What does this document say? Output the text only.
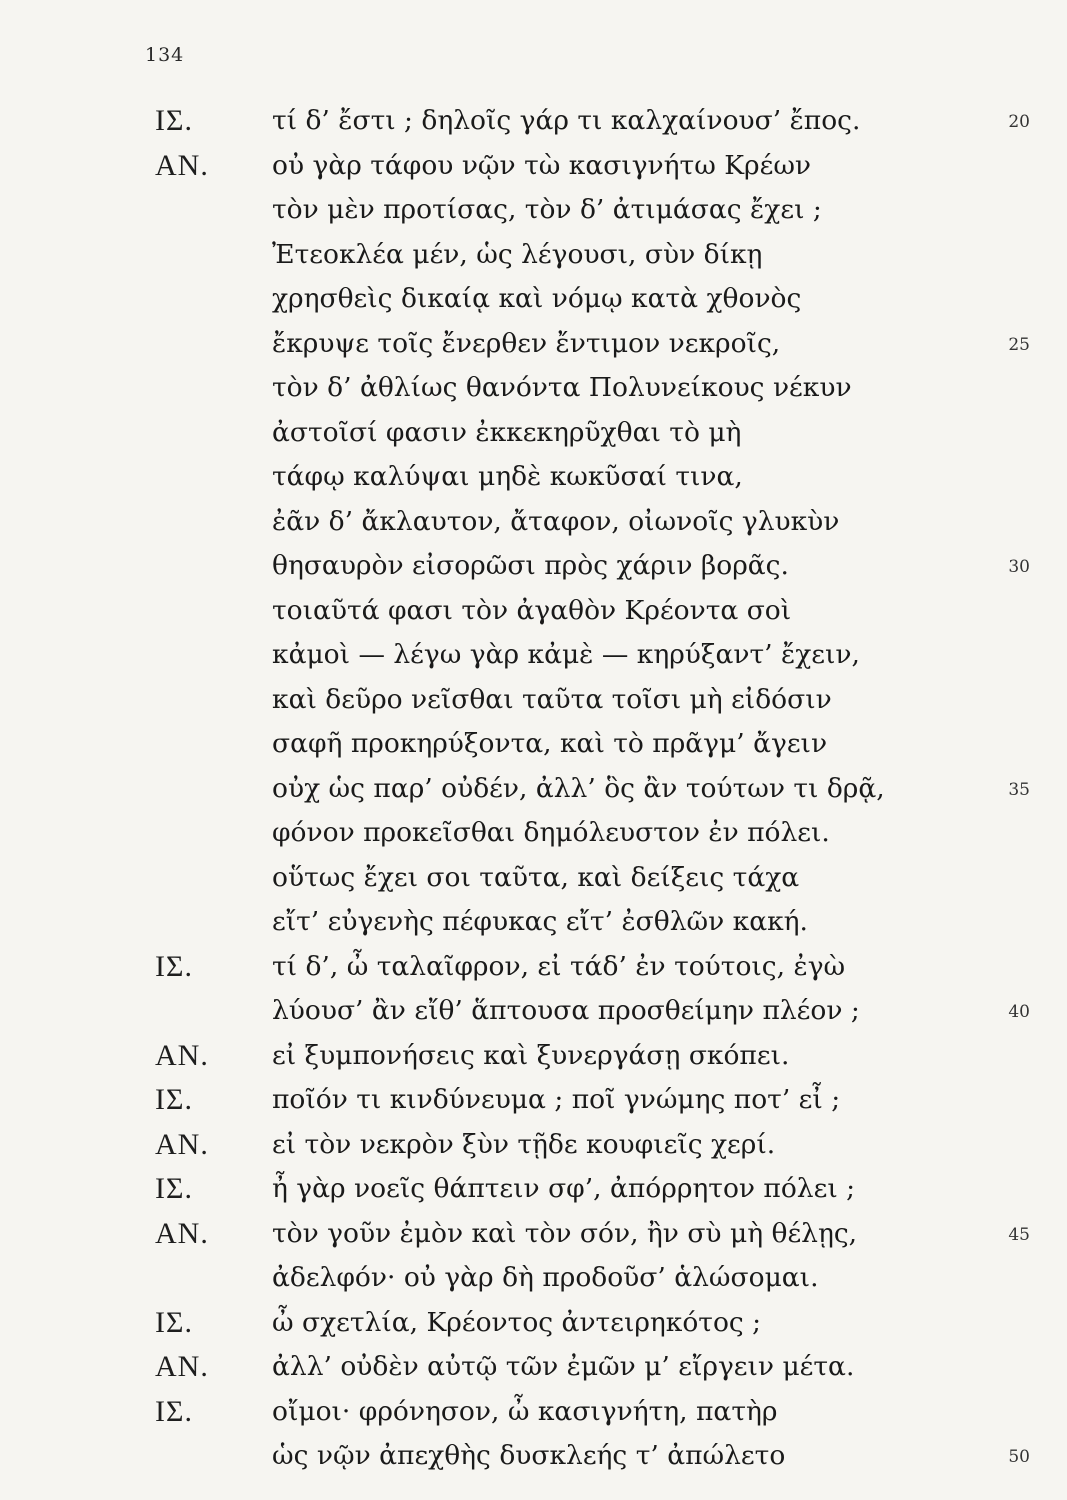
134
ΙΣ.	τί δ’ ἔστι ; δηλοῖς γάρ τι καλχαίνουσ’ ἔπος.	20
ΑΝ. οὐ γὰρ τάφου νῷν τὼ κασιγνήτω Κρέων
τὸν μὲν προτίσας, τὸν δ’ ἀτιμάσας ἔχει ;
Ἐτεοκλέα μέν, ὡς λέγουσι, σὺν δίκῃ
χρησθεὶς δικαίᾳ καὶ νόμῳ κατὰ χθονὸς
ἔκρυψε τοῖς ἔνερθεν ἔντιμον νεκροῖς,	25
τὸν δ’ ἀθλίως θανόντα Πολυνείκους νέκυν
ἀστοῖσί φασιν ἐκκεκηρῦχθαι τὸ μὴ
τάφῳ καλύψαι μηδὲ κωκῦσαί τινα,
ἐᾶν δ’ ἄκλαυτον, ἄταφον, οἰωνοῖς γλυκὺν
θησαυρὸν εἰσορῶσι πρὸς χάριν βορᾶς.	30
τοιαῦτά φασι τὸν ἀγαθὸν Κρέοντα σοὶ
κἀμοὶ — λέγω γὰρ κἀμὲ — κηρύξαντ’ ἔχειν,
καὶ δεῦρο νεῖσθαι ταῦτα τοῖσι μὴ εἰδόσιν
σαφῆ προκηρύξοντα, καὶ τὸ πρᾶγμ’ ἄγειν
οὐχ ὡς παρ’ οὐδέν, ἀλλ’ ὃς ἂν τούτων τι δρᾷ,	35
φόνον προκεῖσθαι δημόλευστον ἐν πόλει.
οὕτως ἔχει σοι ταῦτα, καὶ δείξεις τάχα
εἴτ’ εὐγενὴς πέφυκας εἴτ’ ἐσθλῶν κακή.
ΙΣ.	τί δ’, ὦ ταλαῖφρον, εἰ τάδ’ ἐν τούτοις, ἐγὼ
λύουσ’ ἂν εἴθ’ ἅπτουσα προσθείμην πλέον ;	40
ΑΝ. εἰ ξυμπονήσεις καὶ ξυνεργάσῃ σκόπει.
ΙΣ.	ποῖόν τι κινδύνευμα ; ποῖ γνώμης ποτ’ εἶ ;
ΑΝ. εἰ τὸν νεκρὸν ξὺν τῇδε κουφιεῖς χερί.
ΙΣ.	ἦ γὰρ νοεῖς θάπτειν σφ’, ἀπόρρητον πόλει ;
ΑΝ. τὸν γοῦν ἐμὸν καὶ τὸν σόν, ἢν σὺ μὴ θέλῃς,	45
ἀδελφόν· οὐ γὰρ δὴ προδοῦσ’ ἁλώσομαι.
ΙΣ.	ὦ σχετλία, Κρέοντος ἀντειρηκότος ;
ΑΝ. ἀλλ’ οὐδὲν αὐτῷ τῶν ἐμῶν μ’ εἴργειν μέτα.
ΙΣ.	οἴμοι· φρόνησον, ὦ κασιγνήτη, πατὴρ
ὡς νῷν ἀπεχθὴς δυσκλεής τ’ ἀπώλετο	50
